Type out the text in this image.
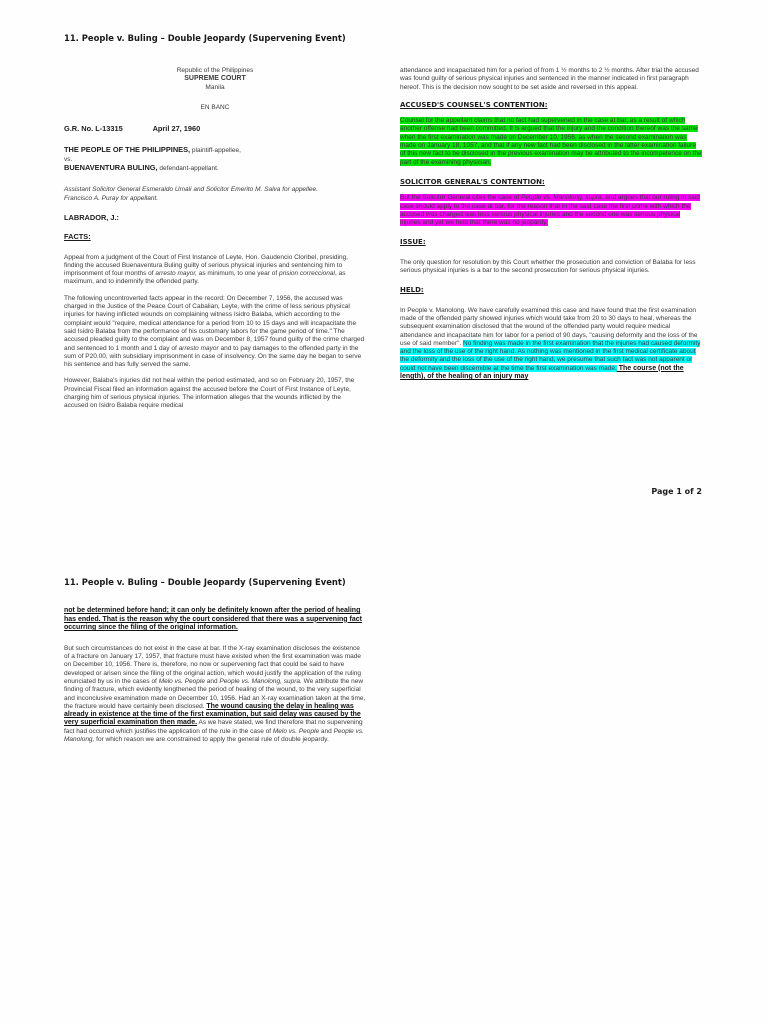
11. People v. Buling – Double Jeopardy (Supervening Event)

Republic of the Philippines

SUPREME COURT

Manila

EN BANC

G.R. No. L-13315	April 27, 1960

THE PEOPLE OF THE PHILIPPINES, plaintiff-appellee,

vs.

BUENAVENTURA BULING, defendant-appellant.

Assistant Solicitor General Esmeraldo Umali and Solicitor Emerito M. Salva for appellee.

Francisco A. Puray for appellant.

LABRADOR, J.:

FACTS:

Appeal from a judgment of the Court of First Instance of Leyte, Hon. Gaudencio Cloribel, presiding, finding the accused Buenaventura Buling guilty of serious physical injuries and sentencing him to imprisonment of four months of arresto mayor, as minimum, to one year of prision correccional, as maximum, and to indemnify the offended party.

The following uncontroverted facts appear in the record: On December 7, 1956, the accused was charged in the Justice of the Peace Court of Cabalian, Leyte, with the crime of less serious physical injuries for having inflicted wounds on complaining witness Isidro Balaba, which according to the complaint would "require, medical attendance for a period from 10 to 15 days and will incapacitate the said Isidro Balaba from the performance of his customary labors for the game period of time." The accused pleaded guilty to the complaint and was on December 8, 1957 found guilty of the crime charged and sentenced to 1 month and 1 day of arresto mayor and to pay damages to the offended party in the sum of P20.00, with subsidiary imprisonment in case of insolvency. On the same day he began to serve his sentence and has fully served the same.

However, Balaba's injuries did not heal within the period estimated, and so on February 20, 1957, the Provincial Fiscal filed an information against the accused before the Court of First Instance of Leyte, charging him of serious physical injuries. The information alleges that the wounds inflicted by the accused on Isidro Balaba require medical

attendance and incapacitated him for a period of from 1 ½ months to 2 ½ months. After trial the accused was found guilty of serious physical injuries and sentenced in the manner indicated in first paragraph hereof. This is the decision now sought to be set aside and reversed in this appeal.

ACCUSED'S COUNSEL'S CONTENTION:

Counsel for the appellant claims that no fact had supervened in the case at bar, as a result of which another offense had been committed. It is argued that the injury and the condition thereof was the same when the first examination was made on December 10, 1956, as when the second examination was made on January 18, 1957, and that if any new fact had been disclosed in the latter examination failure of this new fact to be disclosed in the previous examination may be attributed to the incompetence on the part of the examining physician.

SOLICITOR GENERAL'S CONTENTION:

But the Solicitor General cites the case of People vs. Manolong, supra, and argues that our ruling in said case should apply to the case at bar, for the reason that in the said case the first crime with which the accused was charged was less serious physical injuries and the second one was serious physical injuries and yet we held that there was no jeopardy.

ISSUE:

The only question for resolution by this Court whether the prosecution and conviction of Balaba for less serious physical injuries is a bar to the second prosecution for serious physical injuries.

HELD:

In People v. Manolong. We have carefully examined this case and have found that the first examination made of the offended party showed injuries which would take from 20 to 30 days to heal, whereas the subsequent examination disclosed that the wound of the offended party would require medical attendance and incapacitate him for labor for a period of 90 days, "causing deformity and the loss of the use of said member". No finding was made in the first examination that the injuries had caused deformity and the loss of the use of the right hand. As nothing was mentioned in the first medical certificate about the deformity and the loss of the use of the right hand, we presume that such fact was not apparent or could not have been discernible at the time the first examination was made. The course (not the length), of the healing of an injury may

Page 1 of 2
11. People v. Buling – Double Jeopardy (Supervening Event)

not be determined before hand; it can only be definitely known after the period of healing has ended. That is the reason why the court considered that there was a supervening fact occurring since the filing of the original information.

But such circumstances do not exist in the case at bar. If the X-ray examination discloses the existence of a fracture on January 17, 1957, that fracture must have existed when the first examination was made on December 10, 1956. There is, therefore, no now or supervening fact that could be said to have developed or arisen since the filing of the original action, which would justify the application of the ruling enunciated by us in the cases of Melo vs. People and People vs. Manolong, supra. We attribute the new finding of fracture, which evidently lengthened the period of healing of the wound, to the very superficial and inconclusive examination made on December 10, 1956. Had an X-ray examination taken at the time, the fracture would have certainly been disclosed. The wound causing the delay in healing was already in existence at the time of the first examination, but said delay was caused by the very superficial examination then made. As we have stated, we find therefore that no supervening fact had occurred which justifies the application of the rule in the case of Melo vs. People and People vs. Manolong, for which reason we are constrained to apply the general rule of double jeopardy.
